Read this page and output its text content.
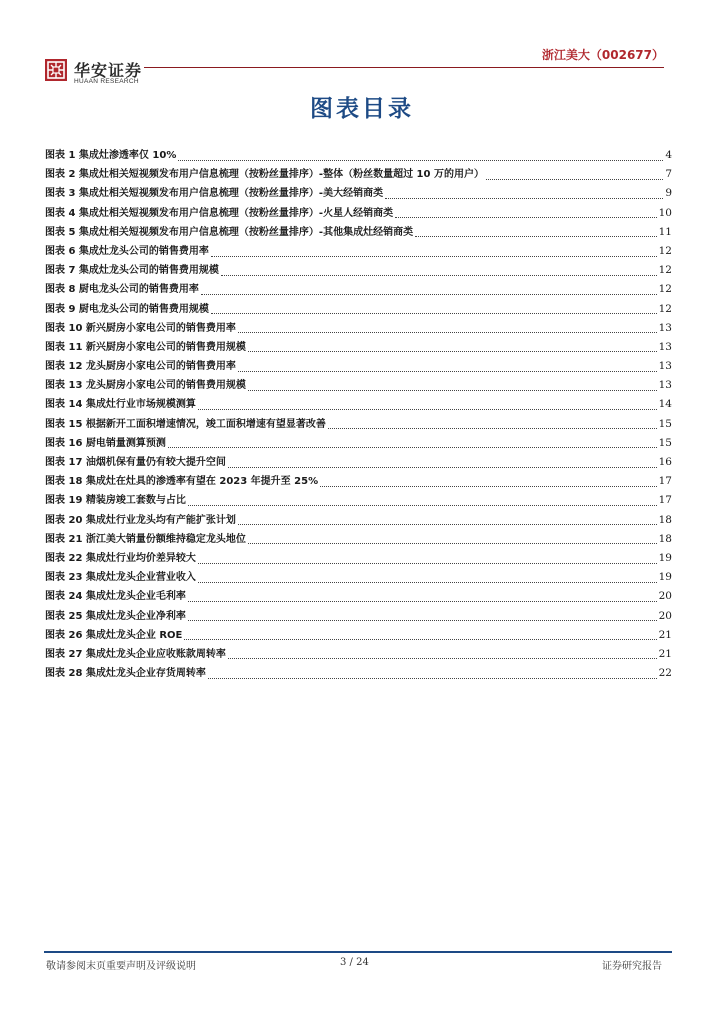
华安证券
HUAAN RESEARCH
浙江美大（002677）
图表目录
图表 1 集成灶渗透率仅 10%	4
图表 2 集成灶相关短视频发布用户信息梳理（按粉丝量排序）-整体（粉丝数量超过 10 万的用户）	7
图表 3 集成灶相关短视频发布用户信息梳理（按粉丝量排序）-美大经销商类	9
图表 4 集成灶相关短视频发布用户信息梳理（按粉丝量排序）-火星人经销商类	10
图表 5 集成灶相关短视频发布用户信息梳理（按粉丝量排序）-其他集成灶经销商类	11
图表 6 集成灶龙头公司的销售费用率	12
图表 7 集成灶龙头公司的销售费用规模	12
图表 8 厨电龙头公司的销售费用率	12
图表 9 厨电龙头公司的销售费用规模	12
图表 10 新兴厨房小家电公司的销售费用率	13
图表 11 新兴厨房小家电公司的销售费用规模	13
图表 12 龙头厨房小家电公司的销售费用率	13
图表 13 龙头厨房小家电公司的销售费用规模	13
图表 14 集成灶行业市场规模测算	14
图表 15 根据新开工面积增速情况，竣工面积增速有望显著改善	15
图表 16 厨电销量测算预测	15
图表 17 油烟机保有量仍有较大提升空间	16
图表 18 集成灶在灶具的渗透率有望在 2023 年提升至 25%	17
图表 19 精装房竣工套数与占比	17
图表 20 集成灶行业龙头均有产能扩张计划	18
图表 21 浙江美大销量份额维持稳定龙头地位	18
图表 22 集成灶行业均价差异较大	19
图表 23 集成灶龙头企业营业收入	19
图表 24 集成灶龙头企业毛利率	20
图表 25 集成灶龙头企业净利率	20
图表 26 集成灶龙头企业 ROE	21
图表 27 集成灶龙头企业应收账款周转率	21
图表 28 集成灶龙头企业存货周转率	22
敬请参阅末页重要声明及评级说明	3 / 24	证券研究报告
